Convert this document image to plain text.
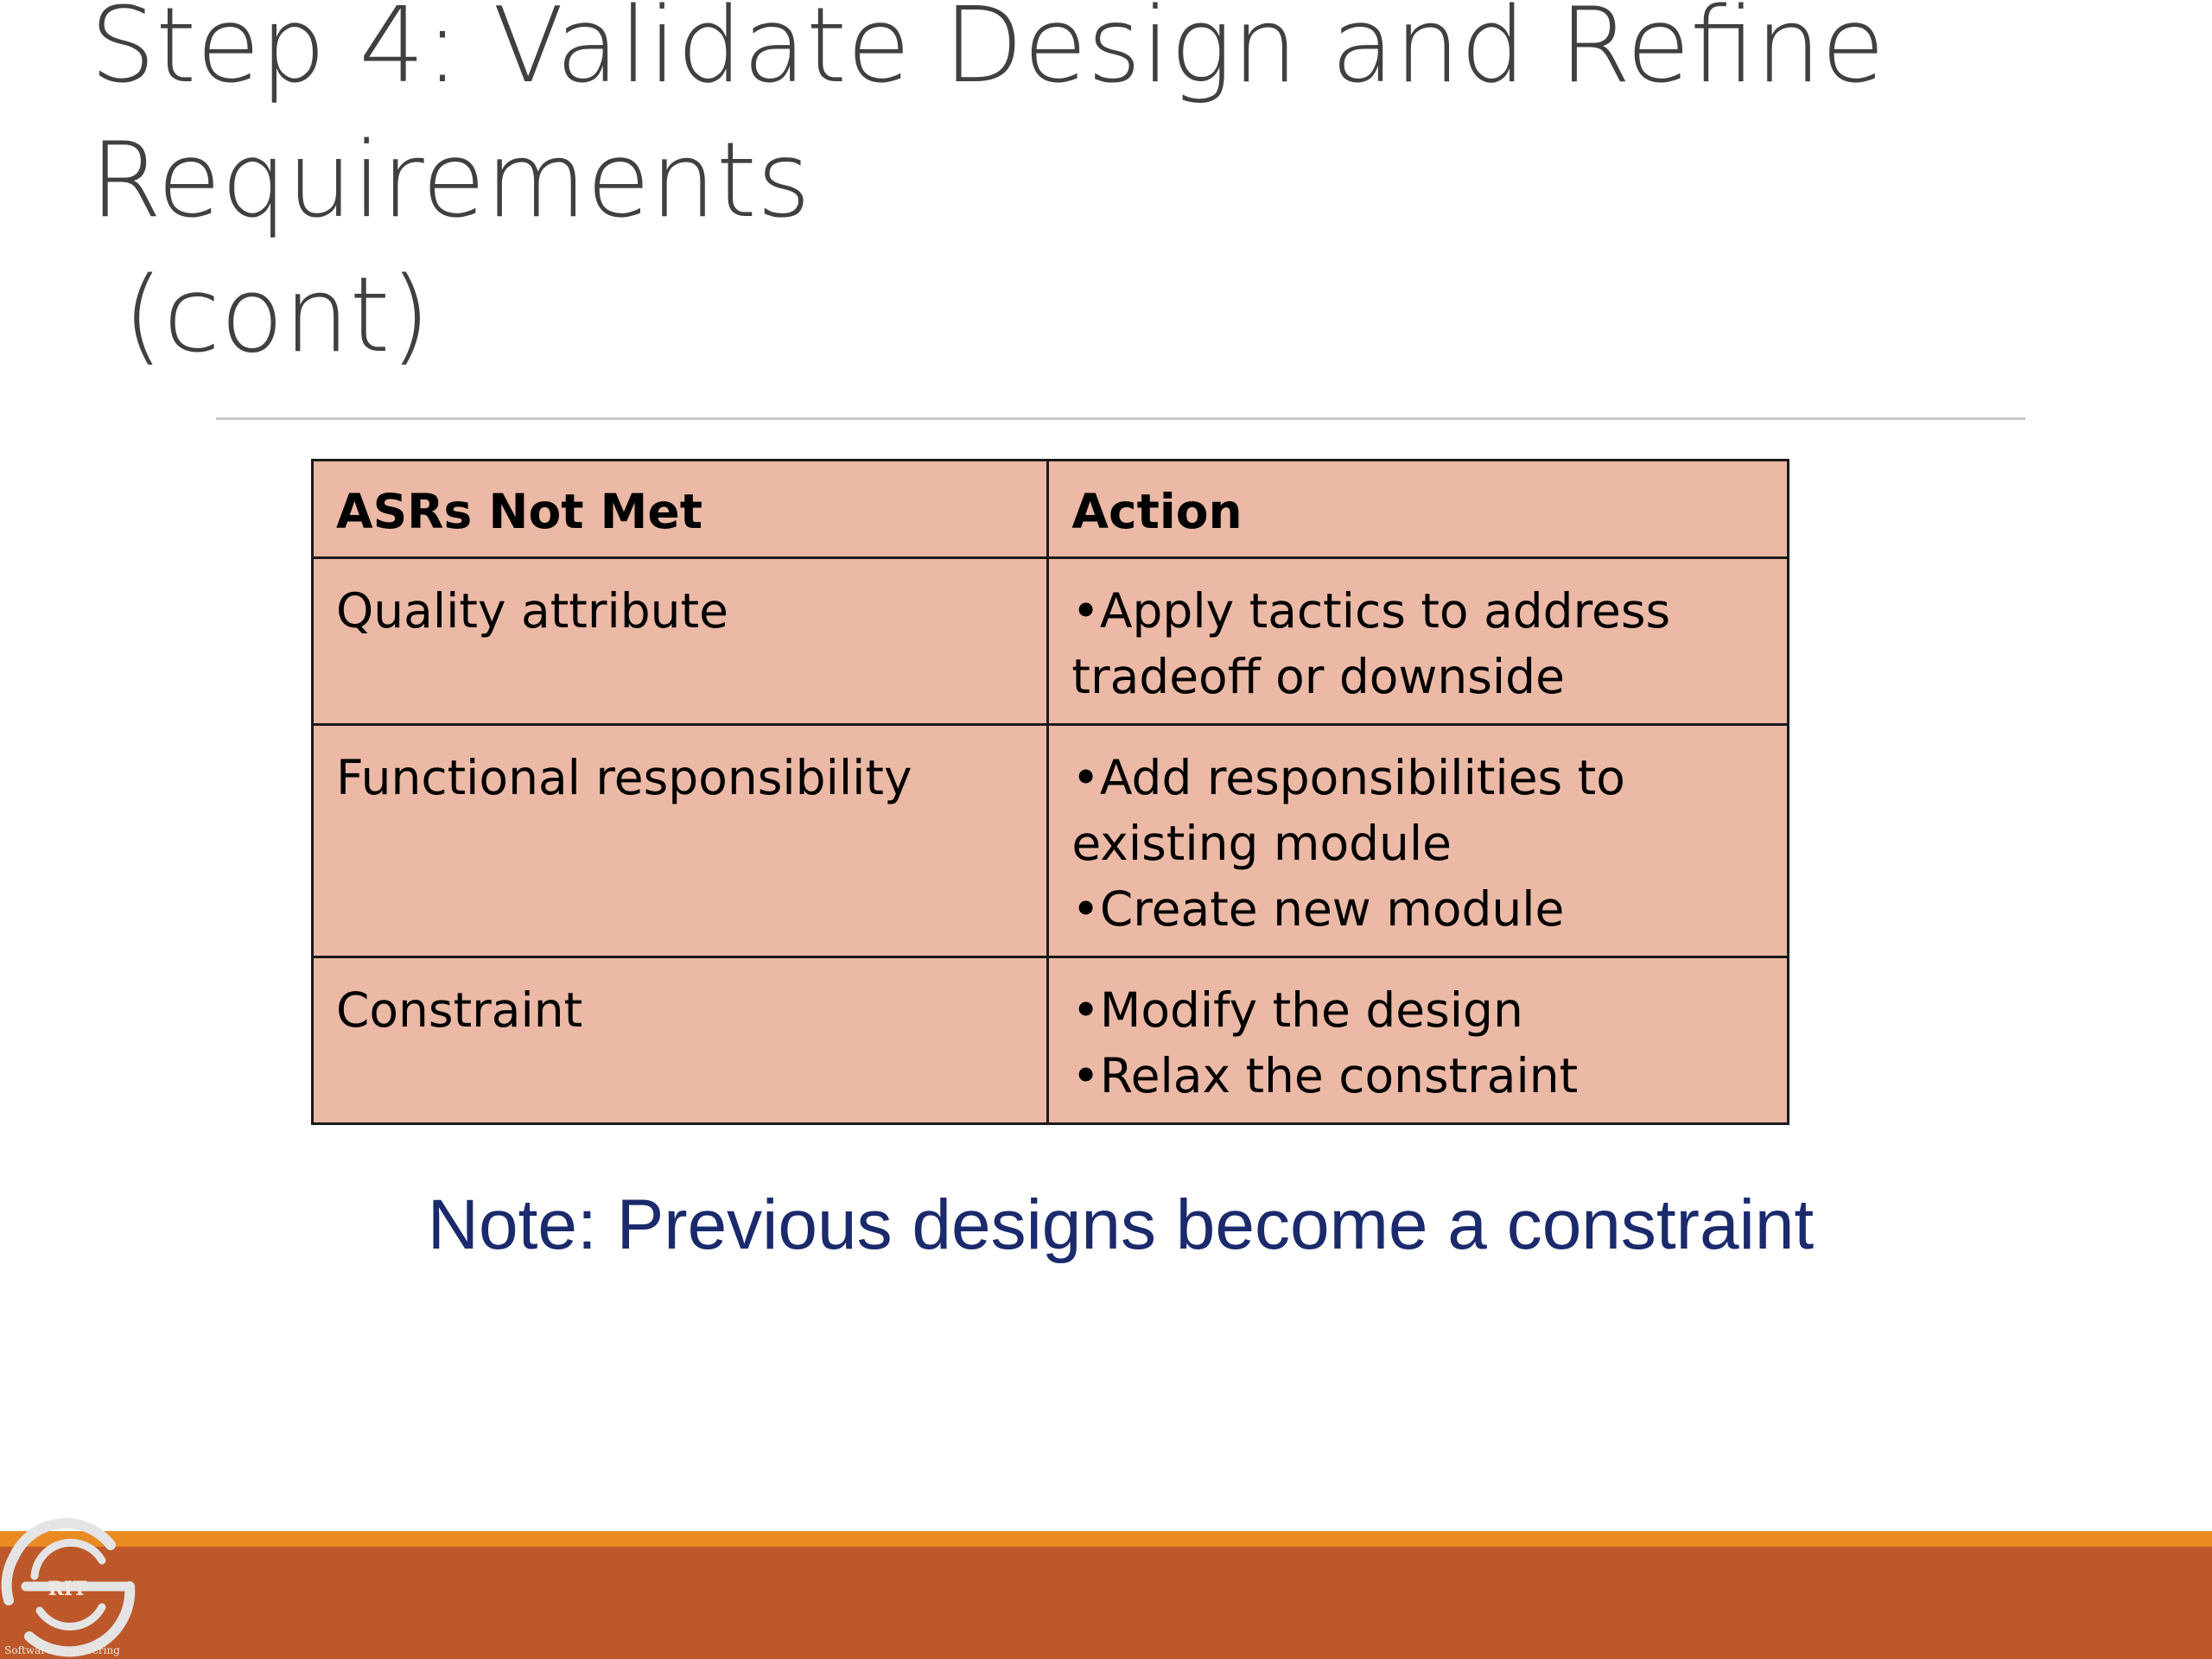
Step 4: Validate Design and Refine
Requirements
(cont)
ASRs Not Met	Action
Quality attribute	• Apply tactics to address tradeoff or downside

Functional responsibility	• Add responsibilities to existing module
• Create new module

Constraint	• Modify the design
• Relax the constraint

Note: Previous designs become a constraint

RIT
Software Engineering
